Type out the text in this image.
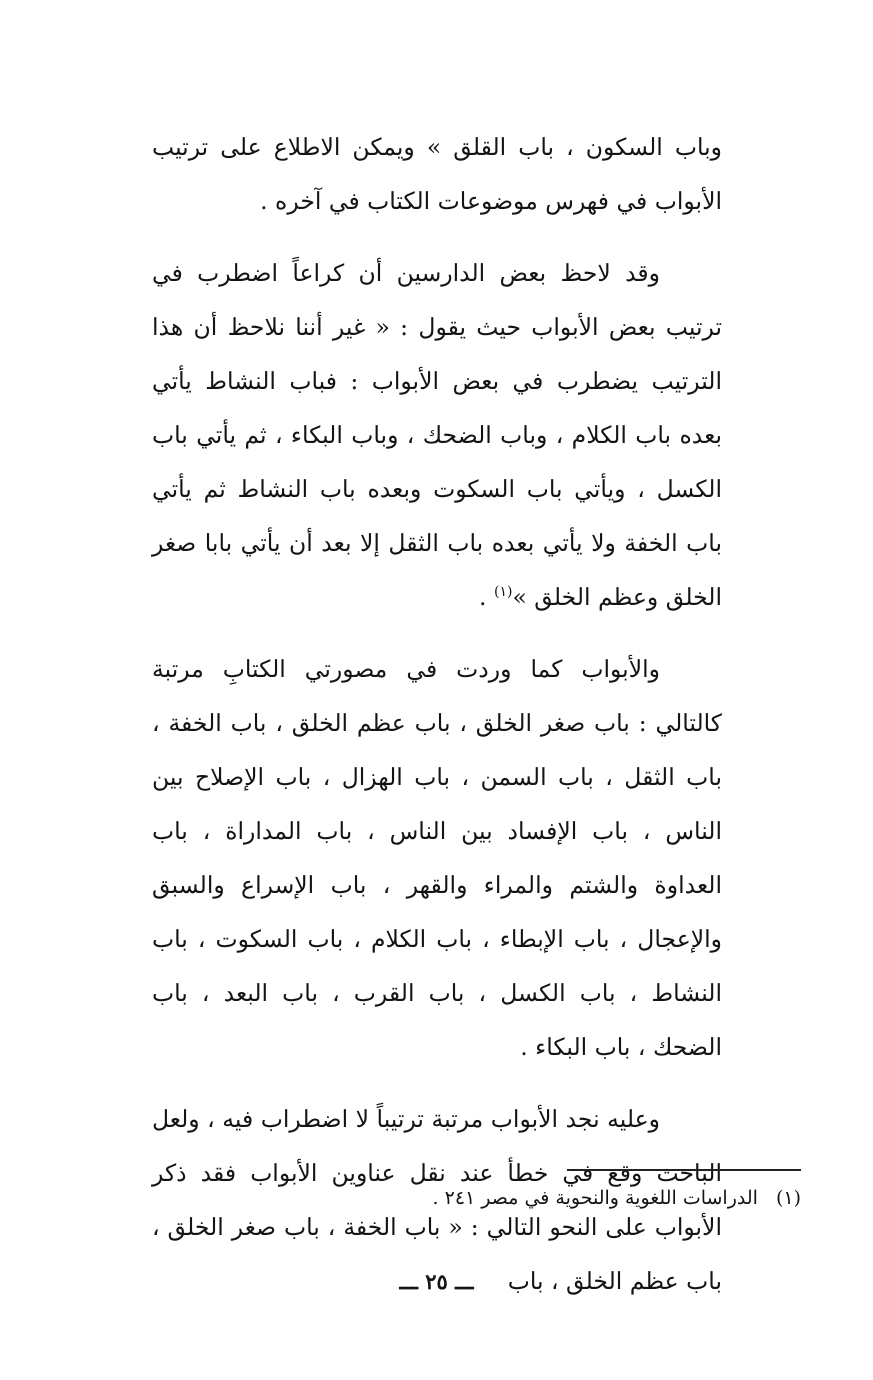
وباب السكون ، باب القلق » ويمكن الاطلاع على ترتيب الأبواب في فهرس موضوعات الكتاب في آخره .

وقد لاحظ بعض الدارسين أن كراعاً اضطرب في ترتيب بعض الأبواب حيث يقول : « غير أننا نلاحظ أن هذا الترتيب يضطرب في بعض الأبواب : فباب النشاط يأتي بعده باب الكلام ، وباب الضحك ، وباب البكاء ، ثم يأتي باب الكسل ، ويأتي باب السكوت وبعده باب النشاط ثم يأتي باب الخفة ولا يأتي بعده باب الثقل إلا بعد أن يأتي بابا صغر الخلق وعظم الخلق »$^{(١)}$ .

والأبواب كما وردت في مصورتي الكتابِ مرتبة كالتالي : باب صغر الخلق ، باب عظم الخلق ، باب الخفة ، باب الثقل ، باب السمن ، باب الهزال ، باب الإصلاح بين الناس ، باب الإفساد بين الناس ، باب المداراة ، باب العداوة والشتم والمراء والقهر ، باب الإسراع والسبق والإعجال ، باب الإبطاء ، باب الكلام ، باب السكوت ، باب النشاط ، باب الكسل ، باب القرب ، باب البعد ، باب الضحك ، باب البكاء .

وعليه نجد الأبواب مرتبة ترتيباً لا اضطراب فيه ، ولعل الباحث وقع في خطأ عند نقل عناوين الأبواب فقد ذكر الأبواب على النحو التالي : « باب الخفة ، باب صغر الخلق ، باب عظم الخلق ، باب

(١)الدراسات اللغوية والنحوية في مصر ٢٤١ .
ـــ ٢٥ ـــ
